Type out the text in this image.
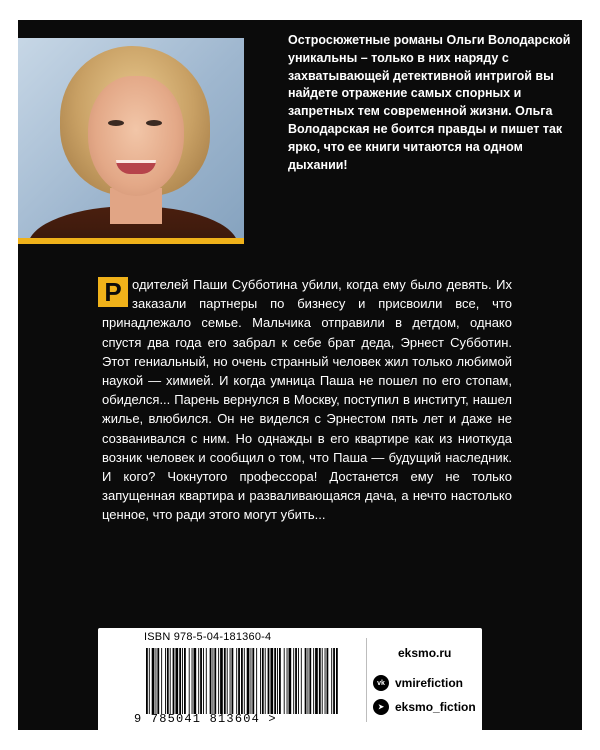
Остросюжетные романы Ольги Володарской уникальны – только в них наряду с захватывающей детективной интригой вы найдете отражение самых спорных и запретных тем современной жизни. Ольга Володарская не боится правды и пишет так ярко, что ее книги читаются на одном дыхании!

Р одителей Паши Субботина убили, когда ему было девять. Их заказали партнеры по бизнесу и присвоили все, что принадлежало семье. Мальчика отправили в детдом, однако спустя два года его забрал к себе брат деда, Эрнест Субботин. Этот гениальный, но очень странный человек жил только любимой наукой — химией. И когда умница Паша не пошел по его стопам, обиделся... Парень вернулся в Москву, поступил в институт, нашел жилье, влюбился. Он не виделся с Эрнестом пять лет и даже не созванивался с ним. Но однажды в его квартире как из ниоткуда возник человек и сообщил о том, что Паша — будущий наследник. И кого? Чокнутого профессора! Достанется ему не только запущенная квартира и разваливающаяся дача, а нечто настолько ценное, что ради этого могут убить...

ISBN 978-5-04-181360-4

9 785041 813604 >

eksmo.ru

vk vmirefiction
➤ eksmo_fiction
